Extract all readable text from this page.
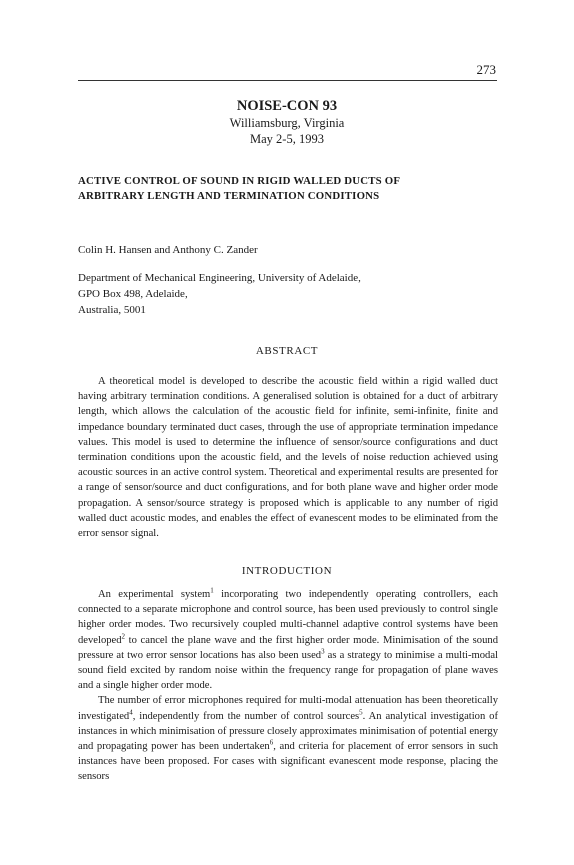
273
NOISE-CON 93
Williamsburg, Virginia
May 2-5, 1993
ACTIVE CONTROL OF SOUND IN RIGID WALLED DUCTS OF
ARBITRARY LENGTH AND TERMINATION CONDITIONS
Colin H. Hansen and Anthony C. Zander
Department of Mechanical Engineering, University of Adelaide,
GPO Box 498, Adelaide,
Australia, 5001
ABSTRACT

A theoretical model is developed to describe the acoustic field within a rigid walled duct having arbitrary termination conditions. A generalised solution is obtained for a duct of arbitrary length, which allows the calculation of the acoustic field for infinite, semi-infinite, finite and impedance boundary terminated duct cases, through the use of appropriate termination impedance values. This model is used to determine the influence of sensor/source configurations and duct termination conditions upon the acoustic field, and the levels of noise reduction achieved using acoustic sources in an active control system. Theoretical and experimental results are presented for a range of sensor/source and duct configurations, and for both plane wave and higher order mode propagation. A sensor/source strategy is proposed which is applicable to any number of rigid walled duct acoustic modes, and enables the effect of evanescent modes to be eliminated from the error sensor signal.

INTRODUCTION

An experimental system$^1$ incorporating two independently operating controllers, each connected to a separate microphone and control source, has been used previously to control single higher order modes. Two recursively coupled multi-channel adaptive control systems have been developed$^2$ to cancel the plane wave and the first higher order mode. Minimisation of the sound pressure at two error sensor locations has also been used$^3$ as a strategy to minimise a multi-modal sound field excited by random noise within the frequency range for propagation of plane waves and a single higher order mode.

The number of error microphones required for multi-modal attenuation has been theoretically investigated$^4$, independently from the number of control sources$^5$. An analytical investigation of instances in which minimisation of pressure closely approximates minimisation of potential energy and propagating power has been undertaken$^6$, and criteria for placement of error sensors in such instances have been proposed. For cases with significant evanescent mode response, placing the sensors
